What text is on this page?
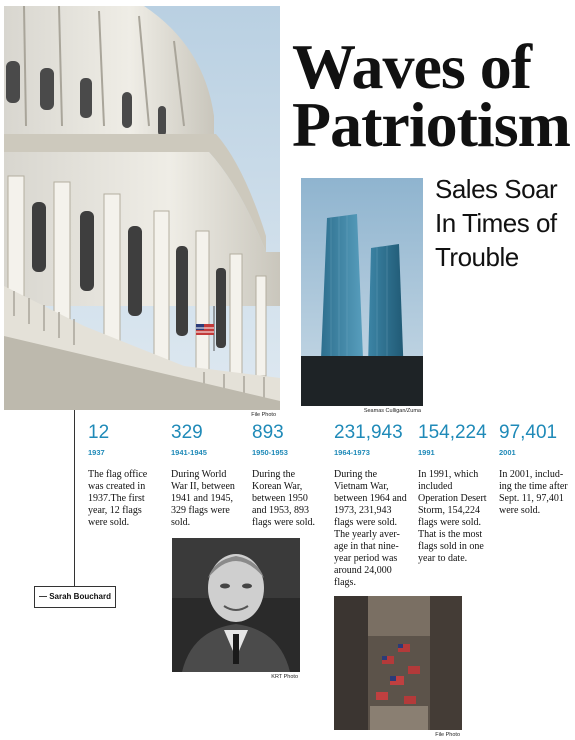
File Photo
Waves of
Patriotism
Sales Soar
In Times of
Trouble
Seamas Culligan/Zuma
— Sarah Bouchard
12
1937
The flag office was created in 1937.The first year, 12 flags were sold.
329
1941-1945
During World War II, between 1941 and 1945, 329 flags were sold.
893
1950-1953
During the Korean War, between 1950 and 1953, 893 flags were sold.
231,943
1964-1973
During the Vietnam War, between 1964 and 1973, 231,943 flags were sold. The yearly aver-age in that nine-year period was around 24,000 flags.
154,224
1991
In 1991, which included Operation Desert Storm, 154,224 flags were sold. That is the most flags sold in one year to date.
97,401
2001
In 2001, includ-ing the time after Sept. 11, 97,401 were sold.
KRT Photo
File Photo
